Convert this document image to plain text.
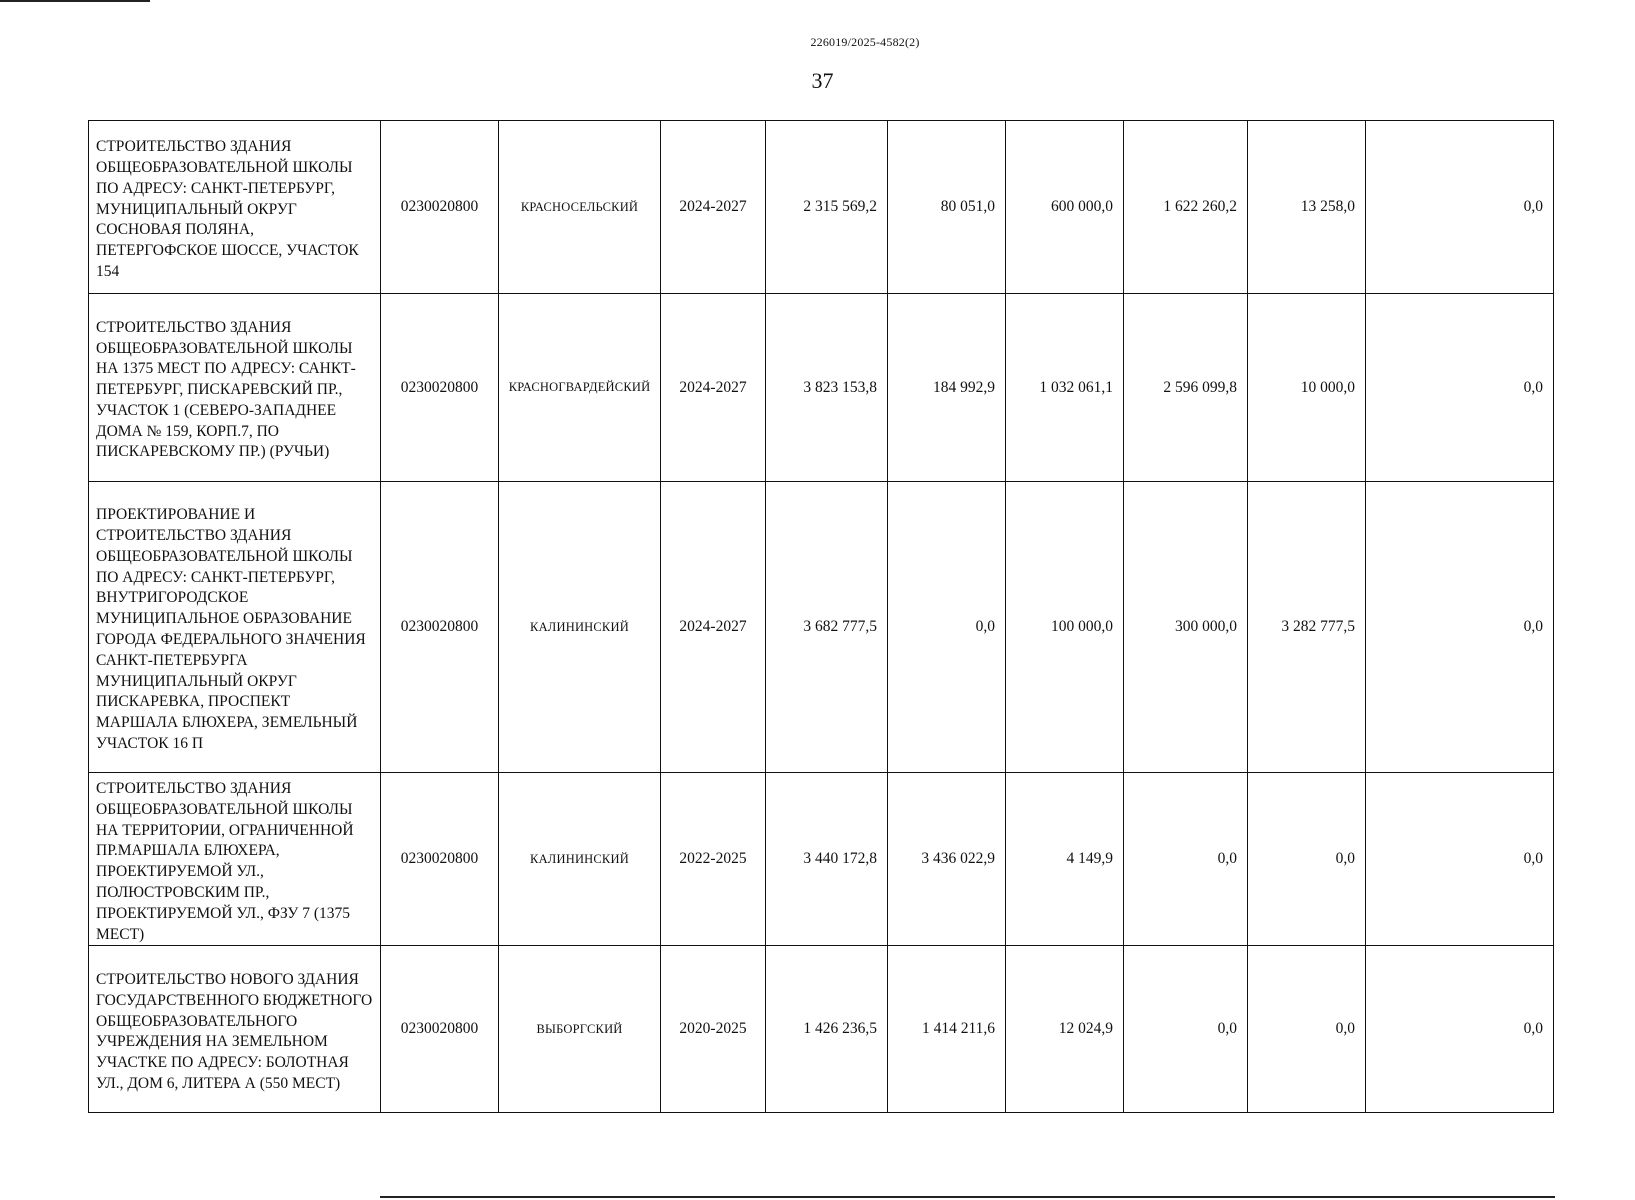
226019/2025-4582(2)
37
СТРОИТЕЛЬСТВО ЗДАНИЯ ОБЩЕОБРАЗОВАТЕЛЬНОЙ ШКОЛЫ ПО АДРЕСУ: САНКТ-ПЕТЕРБУРГ, МУНИЦИПАЛЬНЫЙ ОКРУГ СОСНОВАЯ ПОЛЯНА, ПЕТЕРГОФСКОЕ ШОССЕ, УЧАСТОК 154	0230020800	КРАСНОСЕЛЬСКИЙ	2024-2027	2 315 569,2	80 051,0	600 000,0	1 622 260,2	13 258,0	0,0
СТРОИТЕЛЬСТВО ЗДАНИЯ ОБЩЕОБРАЗОВАТЕЛЬНОЙ ШКОЛЫ НА 1375 МЕСТ ПО АДРЕСУ: САНКТ-ПЕТЕРБУРГ, ПИСКАРЕВСКИЙ ПР., УЧАСТОК 1 (СЕВЕРО-ЗАПАДНЕЕ ДОМА № 159, КОРП.7, ПО ПИСКАРЕВСКОМУ ПР.) (РУЧЬИ)	0230020800	КРАСНОГВАРДЕЙСКИЙ	2024-2027	3 823 153,8	184 992,9	1 032 061,1	2 596 099,8	10 000,0	0,0
ПРОЕКТИРОВАНИЕ И СТРОИТЕЛЬСТВО ЗДАНИЯ ОБЩЕОБРАЗОВАТЕЛЬНОЙ ШКОЛЫ ПО АДРЕСУ: САНКТ-ПЕТЕРБУРГ, ВНУТРИГОРОДСКОЕ МУНИЦИПАЛЬНОЕ ОБРАЗОВАНИЕ ГОРОДА ФЕДЕРАЛЬНОГО ЗНАЧЕНИЯ САНКТ-ПЕТЕРБУРГА МУНИЦИПАЛЬНЫЙ ОКРУГ ПИСКАРЕВКА, ПРОСПЕКТ МАРШАЛА БЛЮХЕРА, ЗЕМЕЛЬНЫЙ УЧАСТОК 16 П	0230020800	КАЛИНИНСКИЙ	2024-2027	3 682 777,5	0,0	100 000,0	300 000,0	3 282 777,5	0,0
СТРОИТЕЛЬСТВО ЗДАНИЯ ОБЩЕОБРАЗОВАТЕЛЬНОЙ ШКОЛЫ НА ТЕРРИТОРИИ, ОГРАНИЧЕННОЙ ПР.МАРШАЛА БЛЮХЕРА, ПРОЕКТИРУЕМОЙ УЛ., ПОЛЮСТРОВСКИМ ПР., ПРОЕКТИРУЕМОЙ УЛ., ФЗУ 7 (1375 МЕСТ)	0230020800	КАЛИНИНСКИЙ	2022-2025	3 440 172,8	3 436 022,9	4 149,9	0,0	0,0	0,0
СТРОИТЕЛЬСТВО НОВОГО ЗДАНИЯ ГОСУДАРСТВЕННОГО БЮДЖЕТНОГО ОБЩЕОБРАЗОВАТЕЛЬНОГО УЧРЕЖДЕНИЯ НА ЗЕМЕЛЬНОМ УЧАСТКЕ ПО АДРЕСУ: БОЛОТНАЯ УЛ., ДОМ 6, ЛИТЕРА А (550 МЕСТ)	0230020800	ВЫБОРГСКИЙ	2020-2025	1 426 236,5	1 414 211,6	12 024,9	0,0	0,0	0,0
